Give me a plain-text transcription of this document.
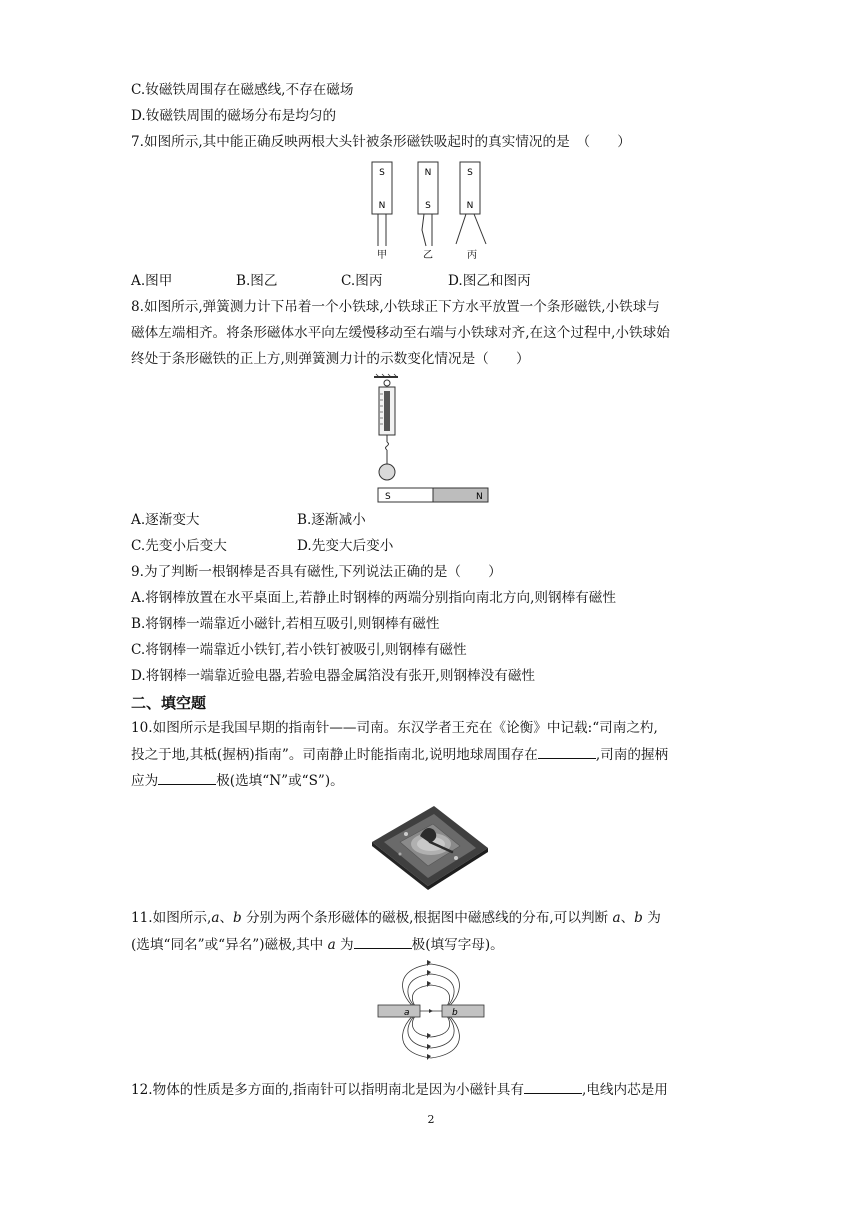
C.钕磁铁周围存在磁感线,不存在磁场
D.钕磁铁周围的磁场分布是均匀的
7.如图所示,其中能正确反映两根大头针被条形磁铁吸起时的真实情况的是　（　　）
S
N
甲
N
S
乙
S
N
丙
A.图甲	B.图乙	C.图丙	D.图乙和图丙
8.如图所示,弹簧测力计下吊着一个小铁球,小铁球正下方水平放置一个条形磁铁,小铁球与
磁体左端相齐。将条形磁体水平向左缓慢移动至右端与小铁球对齐,在这个过程中,小铁球始
终处于条形磁铁的正上方,则弹簧测力计的示数变化情况是（　　）
S	N
A.逐渐变大	B.逐渐减小
C.先变小后变大	D.先变大后变小
9.为了判断一根钢棒是否具有磁性,下列说法正确的是（　　）
A.将钢棒放置在水平桌面上,若静止时钢棒的两端分别指向南北方向,则钢棒有磁性
B.将钢棒一端靠近小磁针,若相互吸引,则钢棒有磁性
C.将钢棒一端靠近小铁钉,若小铁钉被吸引,则钢棒有磁性
D.将钢棒一端靠近验电器,若验电器金属箔没有张开,则钢棒没有磁性
二、填空题
10.如图所示是我国早期的指南针——司南。东汉学者王充在《论衡》中记载:“司南之杓,
投之于地,其柢(握柄)指南”。司南静止时能指南北,说明地球周围存在	,司南的握柄
应为	极(选填“N”或“S”)。
11.如图所示,a、b 分别为两个条形磁体的磁极,根据图中磁感线的分布,可以判断 a、b 为
(选填“同名”或“异名”)磁极,其中 a 为	极(填写字母)。
a	b
12.物体的性质是多方面的,指南针可以指明南北是因为小磁针具有	,电线内芯是用
2
